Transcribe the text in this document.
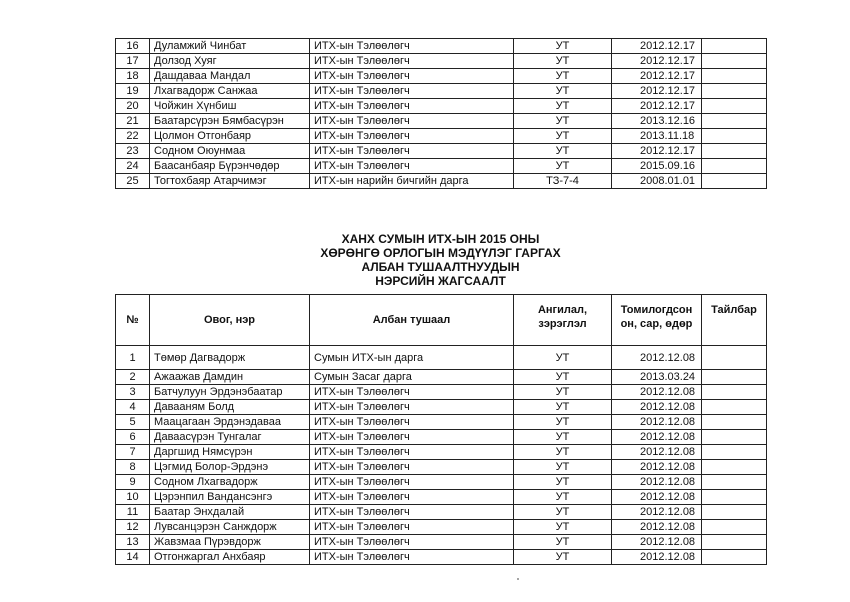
16	Дуламжий Чинбат	ИТХ-ын Тэлөөлөгч	УТ	2012.12.17	
17	Долзод Хуяг	ИТХ-ын Тэлөөлөгч	УТ	2012.12.17	
18	Дашдаваа Мандал	ИТХ-ын Тэлөөлөгч	УТ	2012.12.17	
19	Лхагвадорж Санжаа	ИТХ-ын Тэлөөлөгч	УТ	2012.12.17	
20	Чойжин Хүнбиш	ИТХ-ын Тэлөөлөгч	УТ	2012.12.17	
21	Баатарсүрэн Бямбасүрэн	ИТХ-ын Тэлөөлөгч	УТ	2013.12.16	
22	Цолмон Отгонбаяр	ИТХ-ын Тэлөөлөгч	УТ	2013.11.18	
23	Содном Оюунмаа	ИТХ-ын Тэлөөлөгч	УТ	2012.12.17	
24	Баасанбаяр Бүрэнчөдөр	ИТХ-ын Тэлөөлөгч	УТ	2015.09.16	
25	Тогтохбаяр Атарчимэг	ИТХ-ын нарийн бичгийн дарга	ТЗ-7-4	2008.01.01	
ХАНХ СУМЫН ИТХ-ЫН 2015 ОНЫ
ХӨРӨНГӨ ОРЛОГЫН МЭДҮҮЛЭГ ГАРГАХ
АЛБАН ТУШААЛТНУУДЫН
НЭРСИЙН ЖАГСААЛТ
№	Овог, нэр	Албан тушаал	Ангилал, зэрэглэл	Томилогдсон он, сар, өдөр	Тайлбар
1	Төмөр Дагвадорж	Сумын ИТХ-ын дарга	УТ	2012.12.08	
2	Ажаажав Дамдин	Сумын Засаг дарга	УТ	2013.03.24	
3	Батчулуун Эрдэнэбаатар	ИТХ-ын Тэлөөлөгч	УТ	2012.12.08	
4	Давааням Болд	ИТХ-ын Тэлөөлөгч	УТ	2012.12.08	
5	Маацагаан Эрдэнэдаваа	ИТХ-ын Тэлөөлөгч	УТ	2012.12.08	
6	Даваасүрэн Тунгалаг	ИТХ-ын Тэлөөлөгч	УТ	2012.12.08	
7	Даргшид Нямсүрэн	ИТХ-ын Тэлөөлөгч	УТ	2012.12.08	
8	Цэгмид Болор-Эрдэнэ	ИТХ-ын Тэлөөлөгч	УТ	2012.12.08	
9	Содном Лхагвадорж	ИТХ-ын Тэлөөлөгч	УТ	2012.12.08	
10	Цэрэнпил Вандансэнгэ	ИТХ-ын Тэлөөлөгч	УТ	2012.12.08	
11	Баатар Энхдалай	ИТХ-ын Тэлөөлөгч	УТ	2012.12.08	
12	Лувсанцэрэн Санждорж	ИТХ-ын Тэлөөлөгч	УТ	2012.12.08	
13	Жавзмаа Пүрэвдорж	ИТХ-ын Тэлөөлөгч	УТ	2012.12.08	
14	Отгонжаргал Анхбаяр	ИТХ-ын Тэлөөлөгч	УТ	2012.12.08	
